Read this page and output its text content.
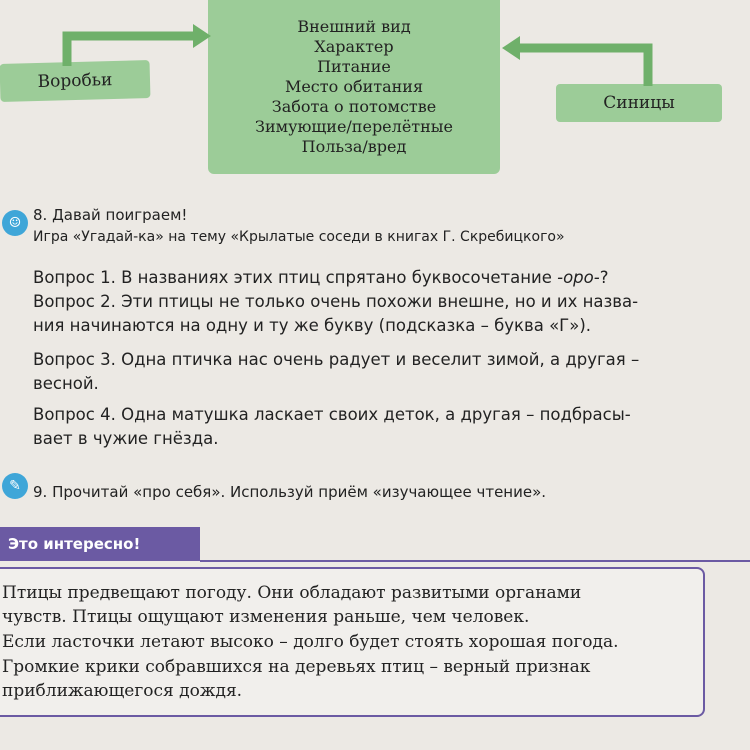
Внешний вид
Характер
Питание
Место обитания
Забота о потомстве
Зимующие/перелётные
Польза/вред
Воробьи
Синицы
☺ 8. Давай поиграем!
Игра «Угадай-ка» на тему «Крылатые соседи в книгах Г. Скребицкого»
Вопрос 1. В названиях этих птиц спрятано буквосочетание -оро-?
Вопрос 2. Эти птицы не только очень похожи внешне, но и их назва-
ния начинаются на одну и ту же букву (подсказка – буква «Г»).
Вопрос 3. Одна птичка нас очень радует и веселит зимой, а другая –
весной.
Вопрос 4. Одна матушка ласкает своих деток, а другая – подбрасы-
вает в чужие гнёзда.
✎ 9. Прочитай «про себя». Используй приём «изучающее чтение».
Это интересно!
Птицы предвещают погоду. Они обладают развитыми органами
чувств. Птицы ощущают изменения раньше, чем человек.
Если ласточки летают высоко – долго будет стоять хорошая погода.
Громкие крики собравшихся на деревьях птиц – верный признак
приближающегося дождя.
